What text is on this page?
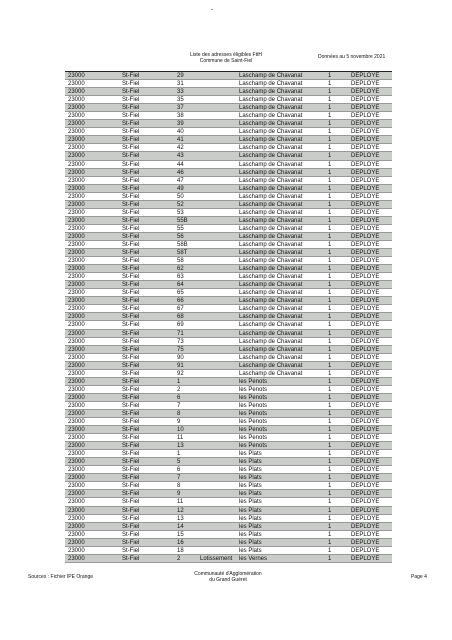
Liste des adresses éligibles FttH
Commune de Saint-Fiel
Données au 5 novembre 2021
23000	St-Fiel	29	Laschamp de Chavanat	1	DEPLOYE
23000	St-Fiel	31	Laschamp de Chavanat	1	DEPLOYE
23000	St-Fiel	33	Laschamp de Chavanat	1	DEPLOYE
23000	St-Fiel	35	Laschamp de Chavanat	1	DEPLOYE
23000	St-Fiel	37	Laschamp de Chavanat	1	DEPLOYE
23000	St-Fiel	38	Laschamp de Chavanat	1	DEPLOYE
23000	St-Fiel	39	Laschamp de Chavanat	1	DEPLOYE
23000	St-Fiel	40	Laschamp de Chavanat	1	DEPLOYE
23000	St-Fiel	41	Laschamp de Chavanat	1	DEPLOYE
23000	St-Fiel	42	Laschamp de Chavanat	1	DEPLOYE
23000	St-Fiel	43	Laschamp de Chavanat	1	DEPLOYE
23000	St-Fiel	44	Laschamp de Chavanat	1	DEPLOYE
23000	St-Fiel	46	Laschamp de Chavanat	1	DEPLOYE
23000	St-Fiel	47	Laschamp de Chavanat	1	DEPLOYE
23000	St-Fiel	49	Laschamp de Chavanat	1	DEPLOYE
23000	St-Fiel	50	Laschamp de Chavanat	1	DEPLOYE
23000	St-Fiel	52	Laschamp de Chavanat	1	DEPLOYE
23000	St-Fiel	53	Laschamp de Chavanat	1	DEPLOYE
23000	St-Fiel	55B	Laschamp de Chavanat	1	DEPLOYE
23000	St-Fiel	55	Laschamp de Chavanat	1	DEPLOYE
23000	St-Fiel	56	Laschamp de Chavanat	1	DEPLOYE
23000	St-Fiel	58B	Laschamp de Chavanat	1	DEPLOYE
23000	St-Fiel	58T	Laschamp de Chavanat	1	DEPLOYE
23000	St-Fiel	58	Laschamp de Chavanat	1	DEPLOYE
23000	St-Fiel	62	Laschamp de Chavanat	1	DEPLOYE
23000	St-Fiel	63	Laschamp de Chavanat	1	DEPLOYE
23000	St-Fiel	64	Laschamp de Chavanat	1	DEPLOYE
23000	St-Fiel	65	Laschamp de Chavanat	1	DEPLOYE
23000	St-Fiel	66	Laschamp de Chavanat	1	DEPLOYE
23000	St-Fiel	67	Laschamp de Chavanat	1	DEPLOYE
23000	St-Fiel	68	Laschamp de Chavanat	1	DEPLOYE
23000	St-Fiel	69	Laschamp de Chavanat	1	DEPLOYE
23000	St-Fiel	71	Laschamp de Chavanat	1	DEPLOYE
23000	St-Fiel	73	Laschamp de Chavanat	1	DEPLOYE
23000	St-Fiel	75	Laschamp de Chavanat	1	DEPLOYE
23000	St-Fiel	90	Laschamp de Chavanat	1	DEPLOYE
23000	St-Fiel	91	Laschamp de Chavanat	1	DEPLOYE
23000	St-Fiel	92	Laschamp de Chavanat	1	DEPLOYE
23000	St-Fiel	1	les Penots	1	DEPLOYE
23000	St-Fiel	2	les Penots	1	DEPLOYE
23000	St-Fiel	6	les Penots	1	DEPLOYE
23000	St-Fiel	7	les Penots	1	DEPLOYE
23000	St-Fiel	8	les Penots	1	DEPLOYE
23000	St-Fiel	9	les Penots	1	DEPLOYE
23000	St-Fiel	10	les Penots	1	DEPLOYE
23000	St-Fiel	11	les Penots	1	DEPLOYE
23000	St-Fiel	13	les Penots	1	DEPLOYE
23000	St-Fiel	1	les Plats	1	DEPLOYE
23000	St-Fiel	5	les Plats	1	DEPLOYE
23000	St-Fiel	6	les Plats	1	DEPLOYE
23000	St-Fiel	7	les Plats	1	DEPLOYE
23000	St-Fiel	8	les Plats	1	DEPLOYE
23000	St-Fiel	9	les Plats	1	DEPLOYE
23000	St-Fiel	11	les Plats	1	DEPLOYE
23000	St-Fiel	12	les Plats	1	DEPLOYE
23000	St-Fiel	13	les Plats	1	DEPLOYE
23000	St-Fiel	14	les Plats	1	DEPLOYE
23000	St-Fiel	15	les Plats	1	DEPLOYE
23000	St-Fiel	16	les Plats	1	DEPLOYE
23000	St-Fiel	18	les Plats	1	DEPLOYE
23000	St-Fiel	2	Lotissement les Vernes	1	DEPLOYE
Sources : Fichier IPE Orange	Communauté d'Agglomération
du Grand Guéret	Page 4
